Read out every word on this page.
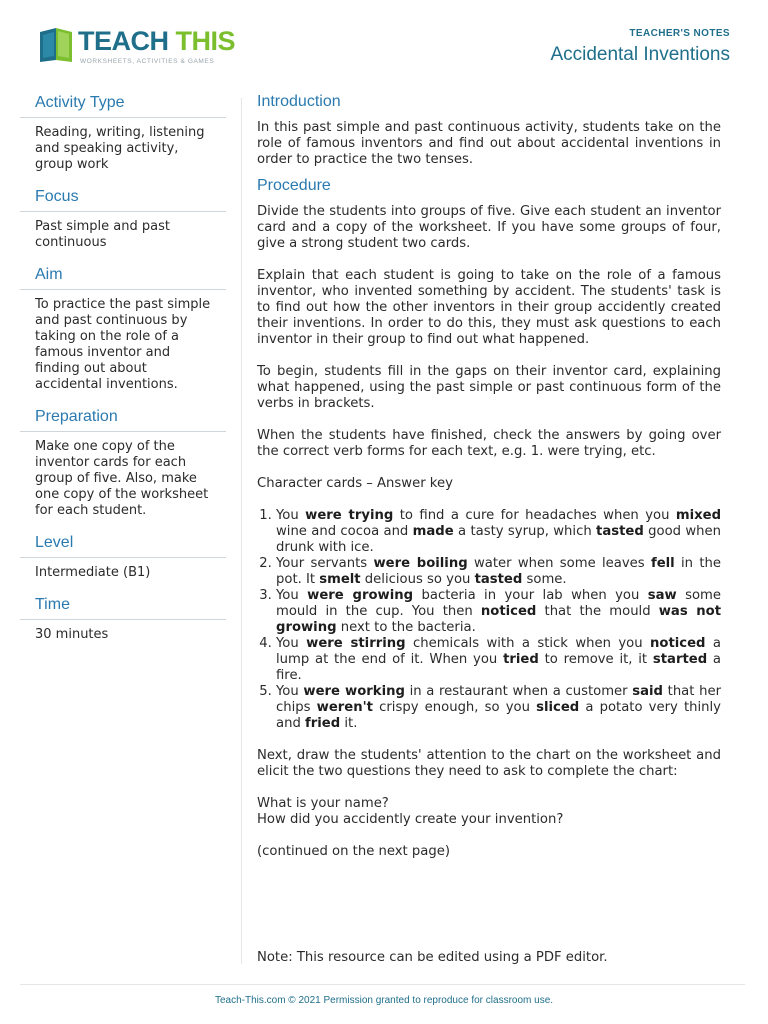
TEACH THIS
WORKSHEETS, ACTIVITIES & GAMES
TEACHER'S NOTES
Accidental Inventions
Activity Type
Reading, writing, listening and speaking activity, group work
Focus
Past simple and past continuous
Aim
To practice the past simple and past continuous by taking on the role of a famous inventor and finding out about accidental inventions.
Preparation
Make one copy of the inventor cards for each group of five. Also, make one copy of the worksheet for each student.
Level
Intermediate (B1)
Time
30 minutes
Introduction

In this past simple and past continuous activity, students take on the role of famous inventors and find out about accidental inventions in order to practice the two tenses.

Procedure

Divide the students into groups of five. Give each student an inventor card and a copy of the worksheet. If you have some groups of four, give a strong student two cards.

Explain that each student is going to take on the role of a famous inventor, who invented something by accident. The students' task is to find out how the other inventors in their group accidently created their inventions. In order to do this, they must ask questions to each inventor in their group to find out what happened.

To begin, students fill in the gaps on their inventor card, explaining what happened, using the past simple or past continuous form of the verbs in brackets.

When the students have finished, check the answers by going over the correct verb forms for each text, e.g. 1. were trying, etc.

Character cards – Answer key

1. You were trying to find a cure for headaches when you mixed wine and cocoa and made a tasty syrup, which tasted good when drunk with ice.
2. Your servants were boiling water when some leaves fell in the pot. It smelt delicious so you tasted some.
3. You were growing bacteria in your lab when you saw some mould in the cup. You then noticed that the mould was not growing next to the bacteria.
4. You were stirring chemicals with a stick when you noticed a lump at the end of it. When you tried to remove it, it started a fire.
5. You were working in a restaurant when a customer said that her chips weren't crispy enough, so you sliced a potato very thinly and fried it.

Next, draw the students' attention to the chart on the worksheet and elicit the two questions they need to ask to complete the chart:

What is your name?
How did you accidently create your invention?

(continued on the next page)

Note: This resource can be edited using a PDF editor.
Teach-This.com © 2021 Permission granted to reproduce for classroom use.
